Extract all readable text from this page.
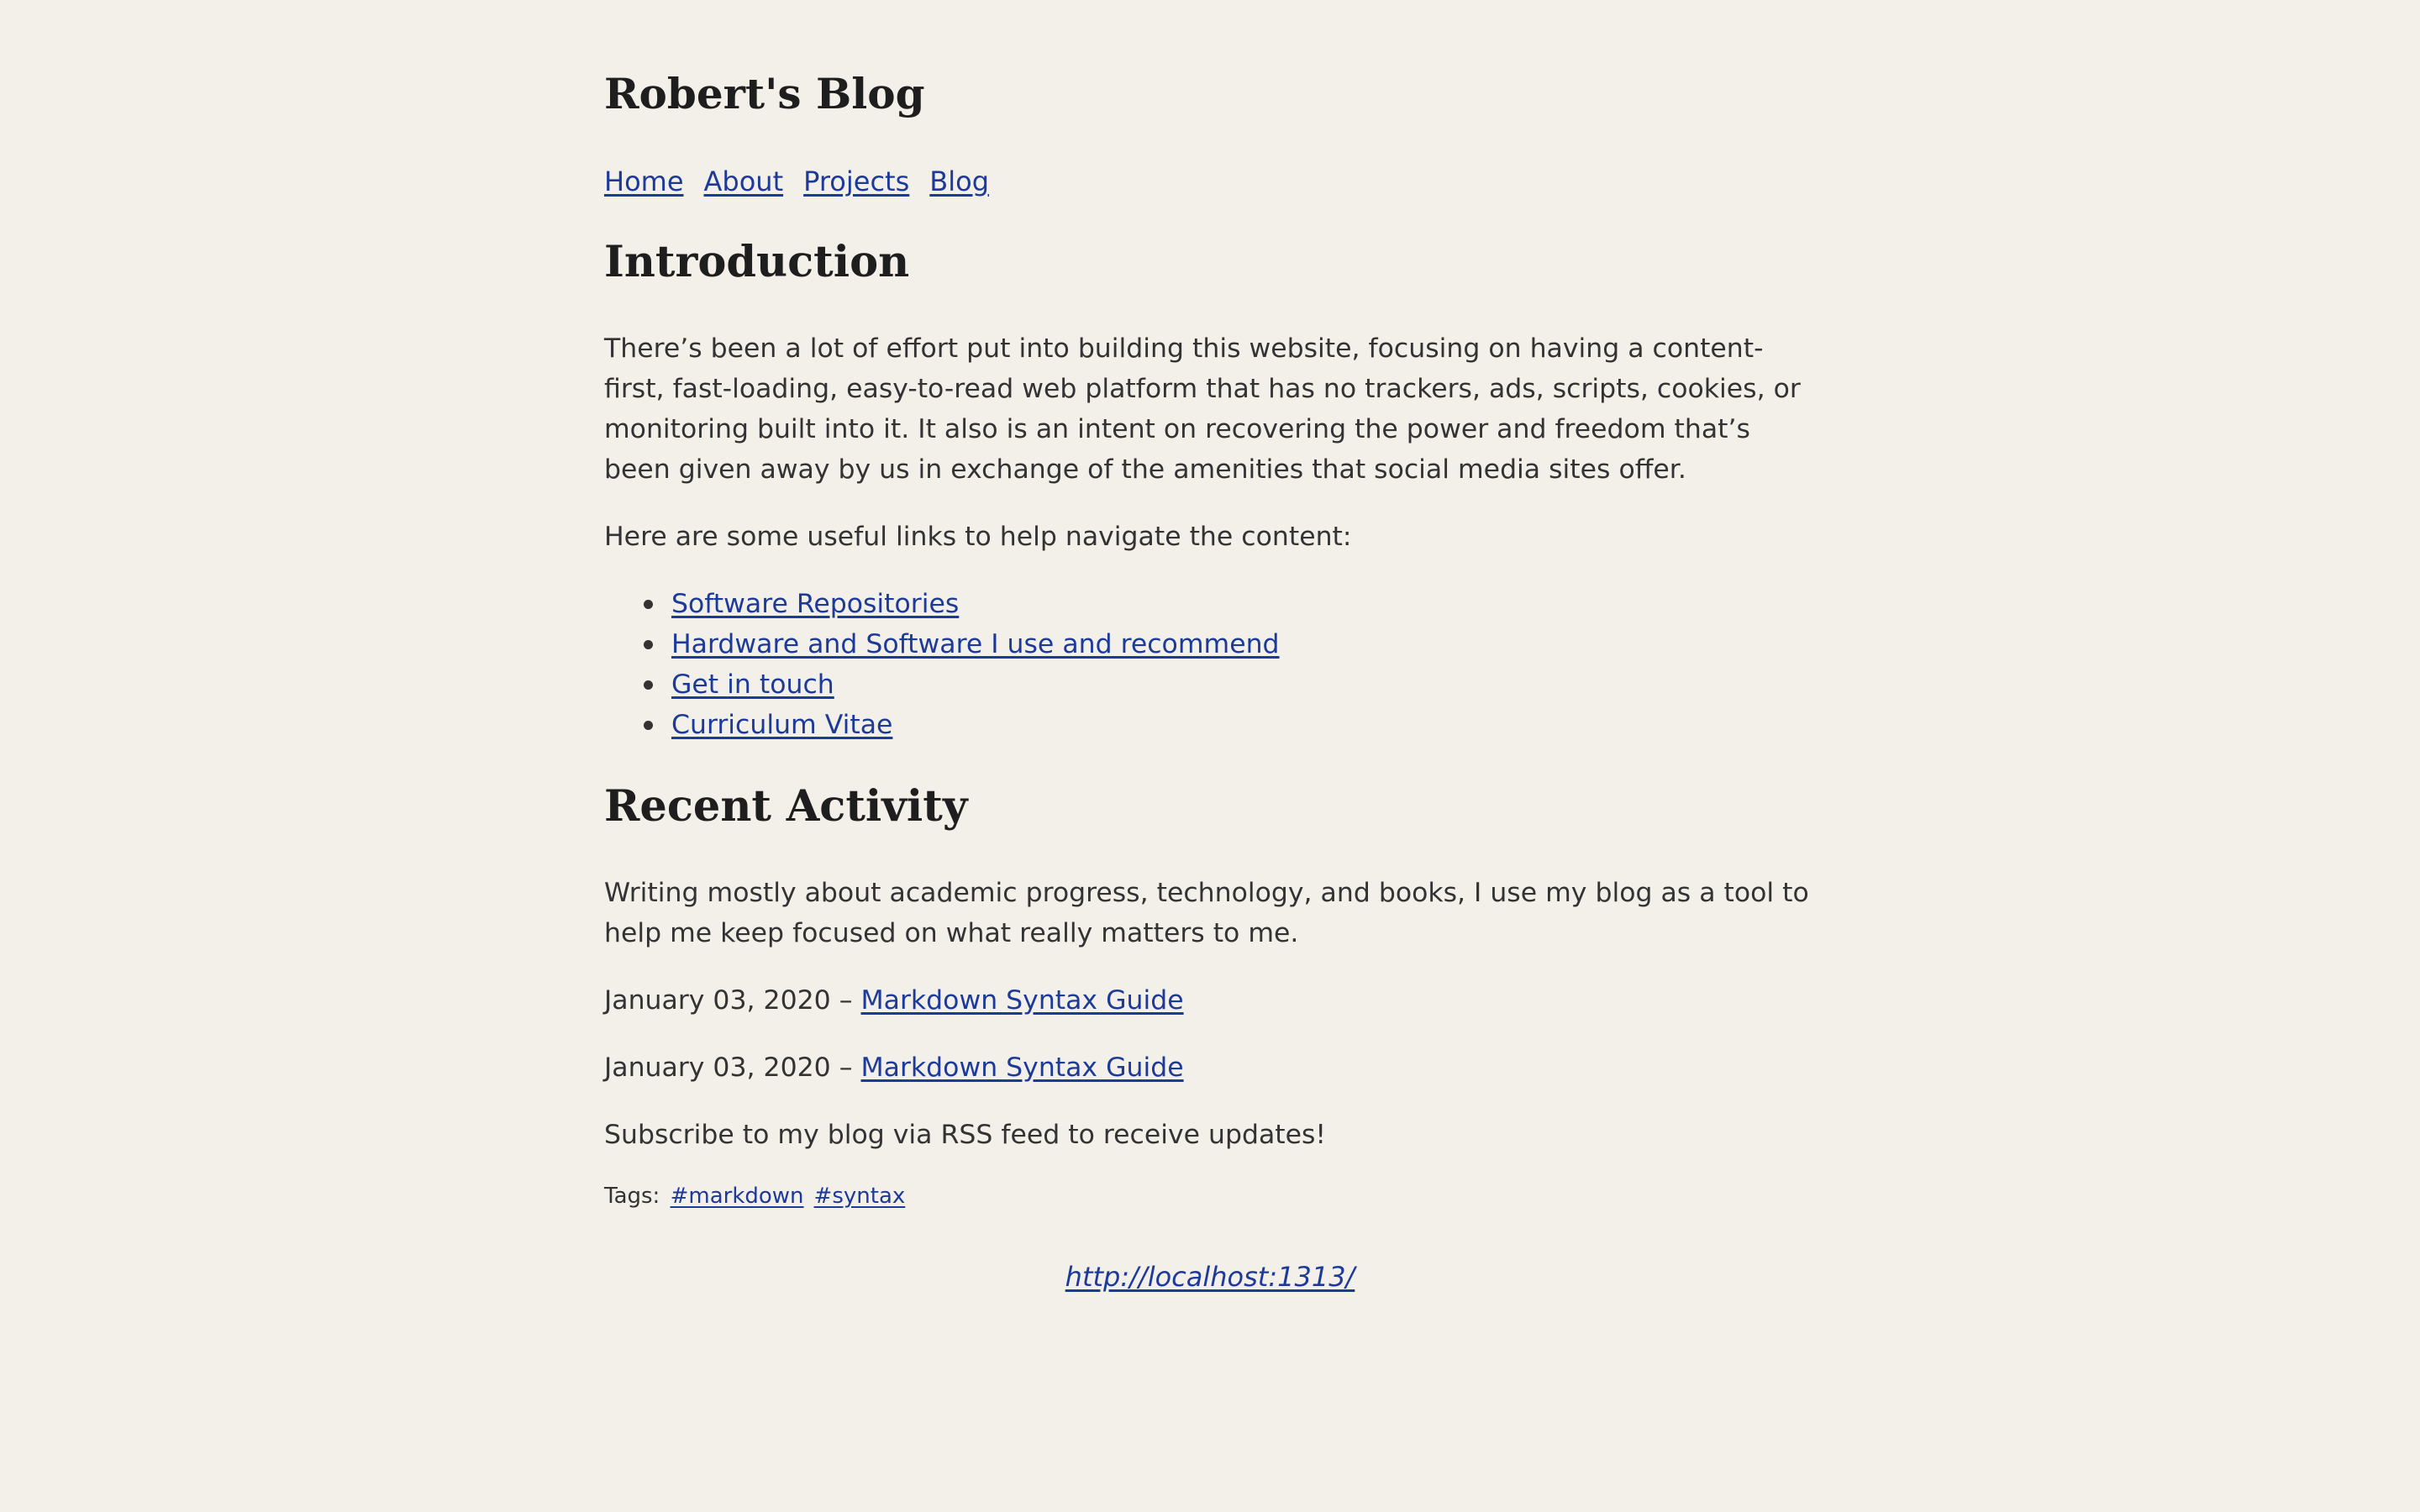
Robert's Blog
Home About Projects Blog
Introduction

There’s been a lot of effort put into building this website, focusing on having a content-first, fast-loading, easy-to-read web platform that has no trackers, ads, scripts, cookies, or monitoring built into it. It also is an intent on recovering the power and freedom that’s been given away by us in exchange of the amenities that social media sites offer.

Here are some useful links to help navigate the content:

Software Repositories
Hardware and Software I use and recommend
Get in touch
Curriculum Vitae
Recent Activity

Writing mostly about academic progress, technology, and books, I use my blog as a tool to help me keep focused on what really matters to me.

January 03, 2020 – Markdown Syntax Guide

January 03, 2020 – Markdown Syntax Guide

Subscribe to my blog via RSS feed to receive updates!

Tags: #markdown #syntax
http://localhost:1313/
